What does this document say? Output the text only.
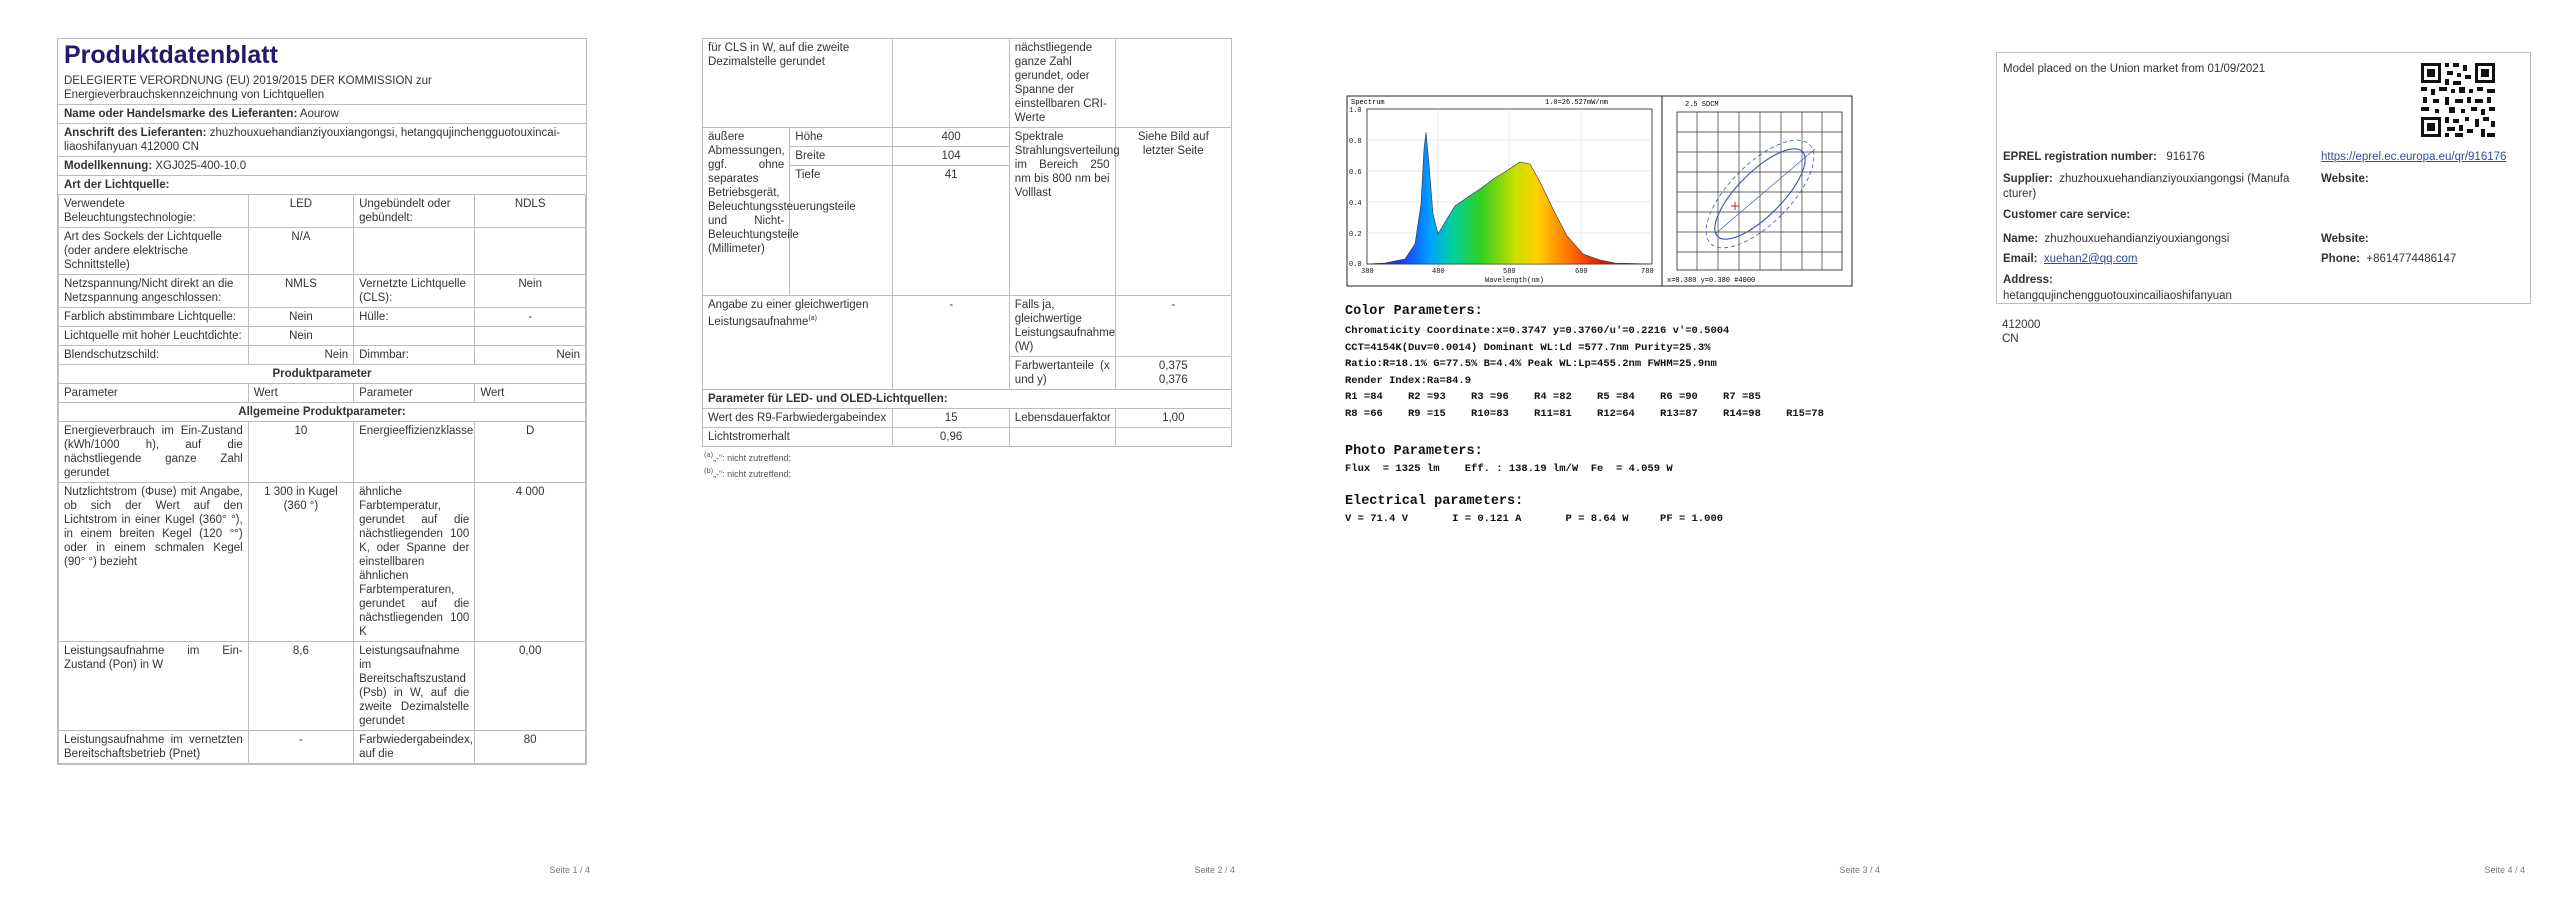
Produktdatenblatt
DELEGIERTE VERORDNUNG (EU) 2019/2015 DER KOMMISSION zur Energieverbrauchskennzeichnung von Lichtquellen
Name oder Handelsmarke des Lieferanten: Aourow
Anschrift des Lieferanten: zhuzhouxuehandianziyouxiangongsi, hetangqujinchengguotouxincai-liaoshifanyuan 412000 CN
Modellkennung: XGJ025-400-10.0
Art der Lichtquelle:
Verwendete Beleuchtungstechnologie:	LED	Ungebündelt oder gebündelt:	NDLS
Art des Sockels der Lichtquelle (oder andere elektrische Schnittstelle)	N/A		
Netzspannung/Nicht direkt an die Netzspannung angeschlossen:	NMLS	Vernetzte Lichtquelle (CLS):	Nein
Farblich abstimmbare Lichtquelle:	Nein	Hülle:	-
Lichtquelle mit hoher Leuchtdichte:	Nein		
Blendschutzschild:	Nein	Dimmbar:	Nein
Produktparameter			
Parameter	Wert	Parameter	Wert
Allgemeine Produktparameter:			
Energieverbrauch im Ein-Zustand (kWh/1000 h), auf die nächstliegende ganze Zahl gerundet	10	Energieeffizienzklasse	D
Nutzlichtstrom (Φuse) mit Angabe, ob sich der Wert auf den Lichtstrom in einer Kugel (360° °), in einem breiten Kegel (120 °°) oder in einem schmalen Kegel (90° °) bezieht	1 300 in Kugel (360 °)	ähnliche Farbtemperatur, gerundet auf die nächstliegenden 100 K, oder Spanne der einstellbaren ähnlichen Farbtemperaturen, gerundet auf die nächstliegenden 100 K	4 000
Leistungsaufnahme im Ein-Zustand (Pon) in W	8,6	Leistungsaufnahme im Bereitschaftszustand (Psb) in W, auf die zweite Dezimalstelle gerundet	0,00
Leistungsaufnahme im vernetzten Bereitschaftsbetrieb (Pnet)	-	Farbwiedergabeindex, auf die	80
Seite 1 / 4
für CLS in W, auf die zweite Dezimalstelle gerundet			nächstliegende ganze Zahl gerundet, oder Spanne der einstellbaren CRI-Werte	
äußere Abmessungen, ggf. ohne separates Betriebsgerät, Beleuchtungssteuerungsteile und Nicht-Beleuchtungsteile (Millimeter)	Höhe	400	Spektrale Strahlungsverteilung im Bereich 250 nm bis 800 nm bei Volllast	Siehe Bild auf letzter Seite
	Breite	104		
	Tiefe	41		
Angabe zu einer gleichwertigen Leistungsaufnahme$^{(a)}$		-	Falls ja, gleichwertige Leistungsaufnahme (W)	-
			Farbwertanteile (x und y)	0,375
0,376

Parameter für LED- und OLED-Lichtquellen:				
Wert des R9-Farbwiedergabeindex		15	Lebensdauerfaktor	1,00
Lichtstromerhalt		0,96		
$^{(a)}$„-“: nicht zutreffend;
$^{(b)}$„-“: nicht zutreffend;
Seite 2 / 4
Spectrum	1.0=26.527mW/nm
1.0
0.8
0.6
0.4
0.2
0.0
380	480	580	680	780
Wavelength(nm)
2.5 SDCM
x=0.380 y=0.380 #4000
Color Parameters:
Chromaticity Coordinate:x=0.3747 y=0.3760/u'=0.2216 v'=0.5004
CCT=4154K(Duv=0.0014) Dominant WL:Ld =577.7nm Purity=25.3%
Ratio:R=18.1% G=77.5% B=4.4% Peak WL:Lp=455.2nm FWHM=25.9nm
Render Index:Ra=84.9
R1 =84    R2 =93    R3 =96    R4 =82    R5 =84    R6 =90    R7 =85
R8 =66    R9 =15    R10=83    R11=81    R12=64    R13=87    R14=98    R15=78
Photo Parameters:
Flux  = 1325 lm    Eff. : 138.19 lm/W  Fe  = 4.059 W
Electrical parameters:
V = 71.4 V       I = 0.121 A       P = 8.64 W     PF = 1.000
Seite 3 / 4
Model placed on the Union market from 01/09/2021
EPREL registration number: 916176	https://eprel.ec.europa.eu/qr/916176
Supplier: zhuzhouxuehandianziyouxiangongsi (Manufa
cturer)
Website:
Customer care service:
Name: zhuzhouxuehandianziyouxiangongsi	Website:
Email: xuehan2@qq.com	Phone: +8614774486147
Address:
hetangqujinchengguotouxincailiaoshifanyuan
412000
CN
Seite 4 / 4
